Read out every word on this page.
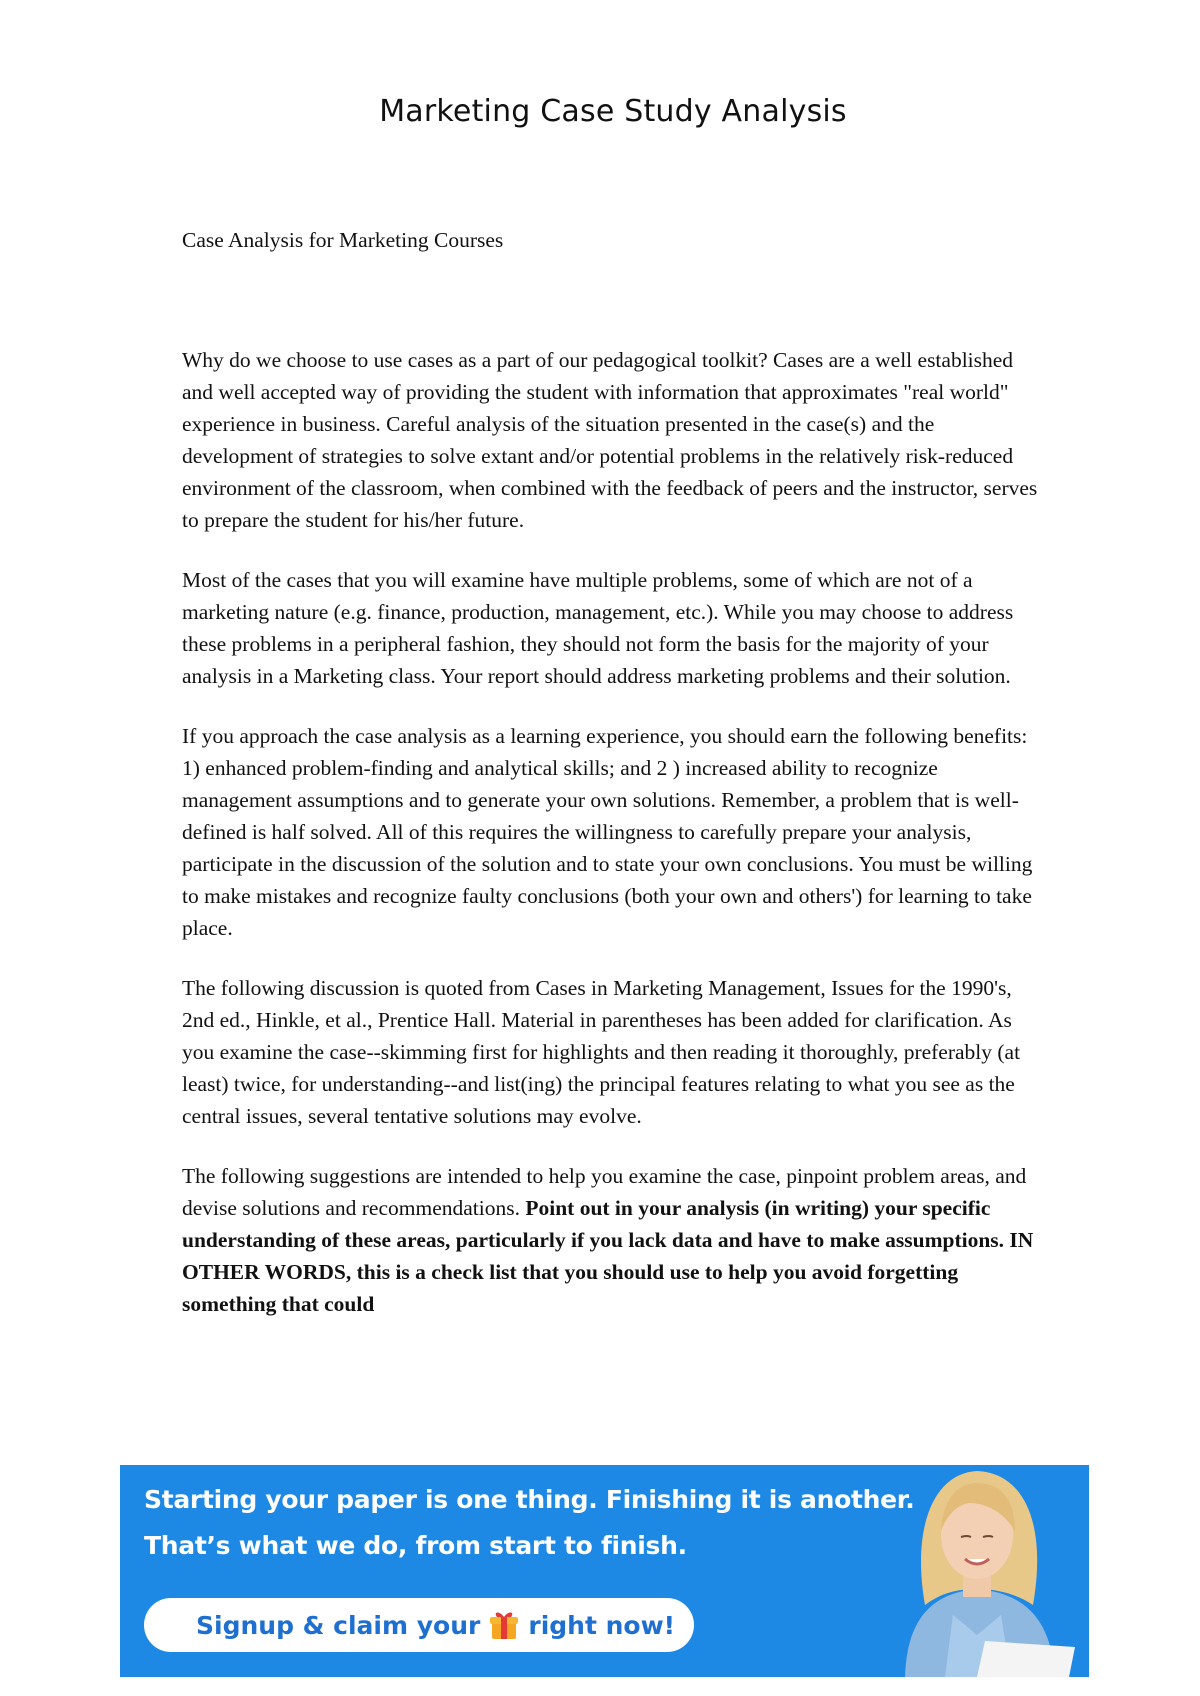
Marketing Case Study Analysis

Case Analysis for Marketing Courses

Why do we choose to use cases as a part of our pedagogical toolkit? Cases are a well established and well accepted way of providing the student with information that approximates "real world" experience in business. Careful analysis of the situation presented in the case(s) and the development of strategies to solve extant and/or potential problems in the relatively risk-reduced environment of the classroom, when combined with the feedback of peers and the instructor, serves to prepare the student for his/her future.

Most of the cases that you will examine have multiple problems, some of which are not of a marketing nature (e.g. finance, production, management, etc.). While you may choose to address these problems in a peripheral fashion, they should not form the basis for the majority of your analysis in a Marketing class. Your report should address marketing problems and their solution.

If you approach the case analysis as a learning experience, you should earn the following benefits: 1) enhanced problem-finding and analytical skills; and 2 ) increased ability to recognize management assumptions and to generate your own solutions. Remember, a problem that is well-defined is half solved. All of this requires the willingness to carefully prepare your analysis, participate in the discussion of the solution and to state your own conclusions. You must be willing to make mistakes and recognize faulty conclusions (both your own and others') for learning to take place.

The following discussion is quoted from Cases in Marketing Management, Issues for the 1990's, 2nd ed., Hinkle, et al., Prentice Hall. Material in parentheses has been added for clarification. As you examine the case--skimming first for highlights and then reading it thoroughly, preferably (at least) twice, for understanding--and list(ing) the principal features relating to what you see as the central issues, several tentative solutions may evolve.

The following suggestions are intended to help you examine the case, pinpoint problem areas, and devise solutions and recommendations. Point out in your analysis (in writing) your specific understanding of these areas, particularly if you lack data and have to make assumptions. IN OTHER WORDS, this is a check list that you should use to help you avoid forgetting something that could

Starting your paper is one thing. Finishing it is another.
That’s what we do, from start to finish.
Signup & claim your right now!
